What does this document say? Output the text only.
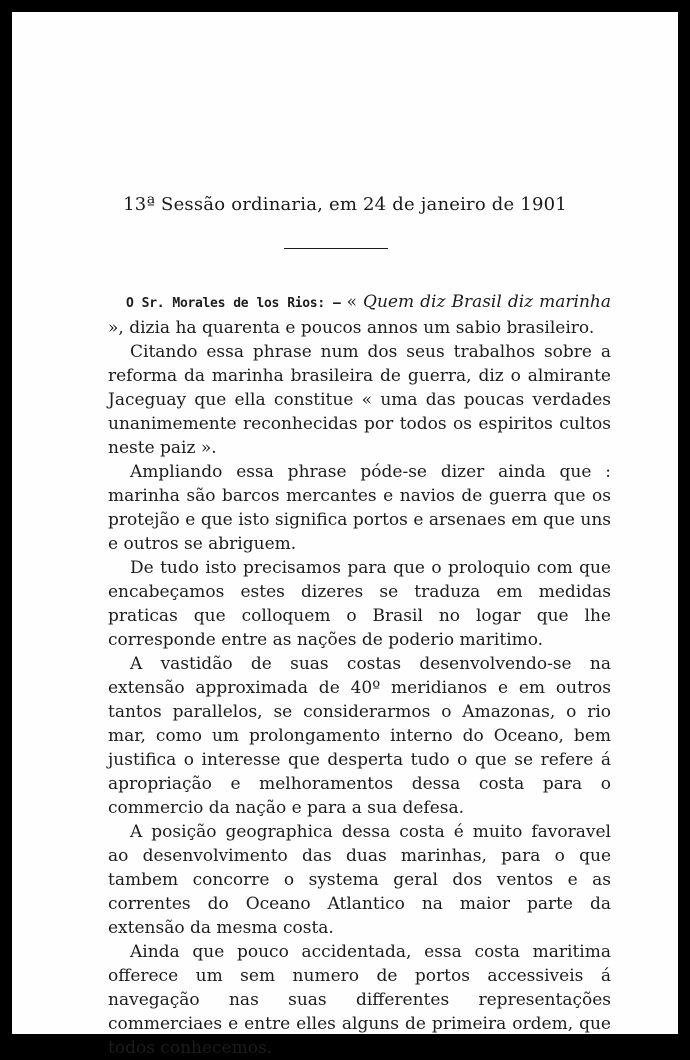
13ª Sessão ordinaria, em 24 de janeiro de 1901

O Sr. Morales de los Rios: — « Quem diz Brasil diz marinha », dizia ha quarenta e poucos annos um sabio brasileiro.

Citando essa phrase num dos seus trabalhos sobre a reforma da marinha brasileira de guerra, diz o almirante Jaceguay que ella constitue « uma das poucas verdades unanimemente reconhecidas por todos os espiritos cultos neste paiz ».

Ampliando essa phrase póde-se dizer ainda que : marinha são barcos mercantes e navios de guerra que os protejão e que isto significa portos e arsenaes em que uns e outros se abriguem.

De tudo isto precisamos para que o proloquio com que encabeçamos estes dizeres se traduza em medidas praticas que colloquem o Brasil no logar que lhe corresponde entre as nações de poderio maritimo.

A vastidão de suas costas desenvolvendo-se na extensão approximada de 40º meridianos e em outros tantos parallelos, se considerarmos o Amazonas, o rio mar, como um prolongamento interno do Oceano, bem justifica o interesse que desperta tudo o que se refere á apropriação e melhoramentos dessa costa para o commercio da nação e para a sua defesa.

A posição geographica dessa costa é muito favoravel ao desenvolvimento das duas marinhas, para o que tambem concorre o systema geral dos ventos e as correntes do Oceano Atlantico na maior parte da extensão da mesma costa.

Ainda que pouco accidentada, essa costa maritima offerece um sem numero de portos accessiveis á navegação nas suas differentes representações commerciaes e entre elles alguns de primeira ordem, que todos conhecemos.
